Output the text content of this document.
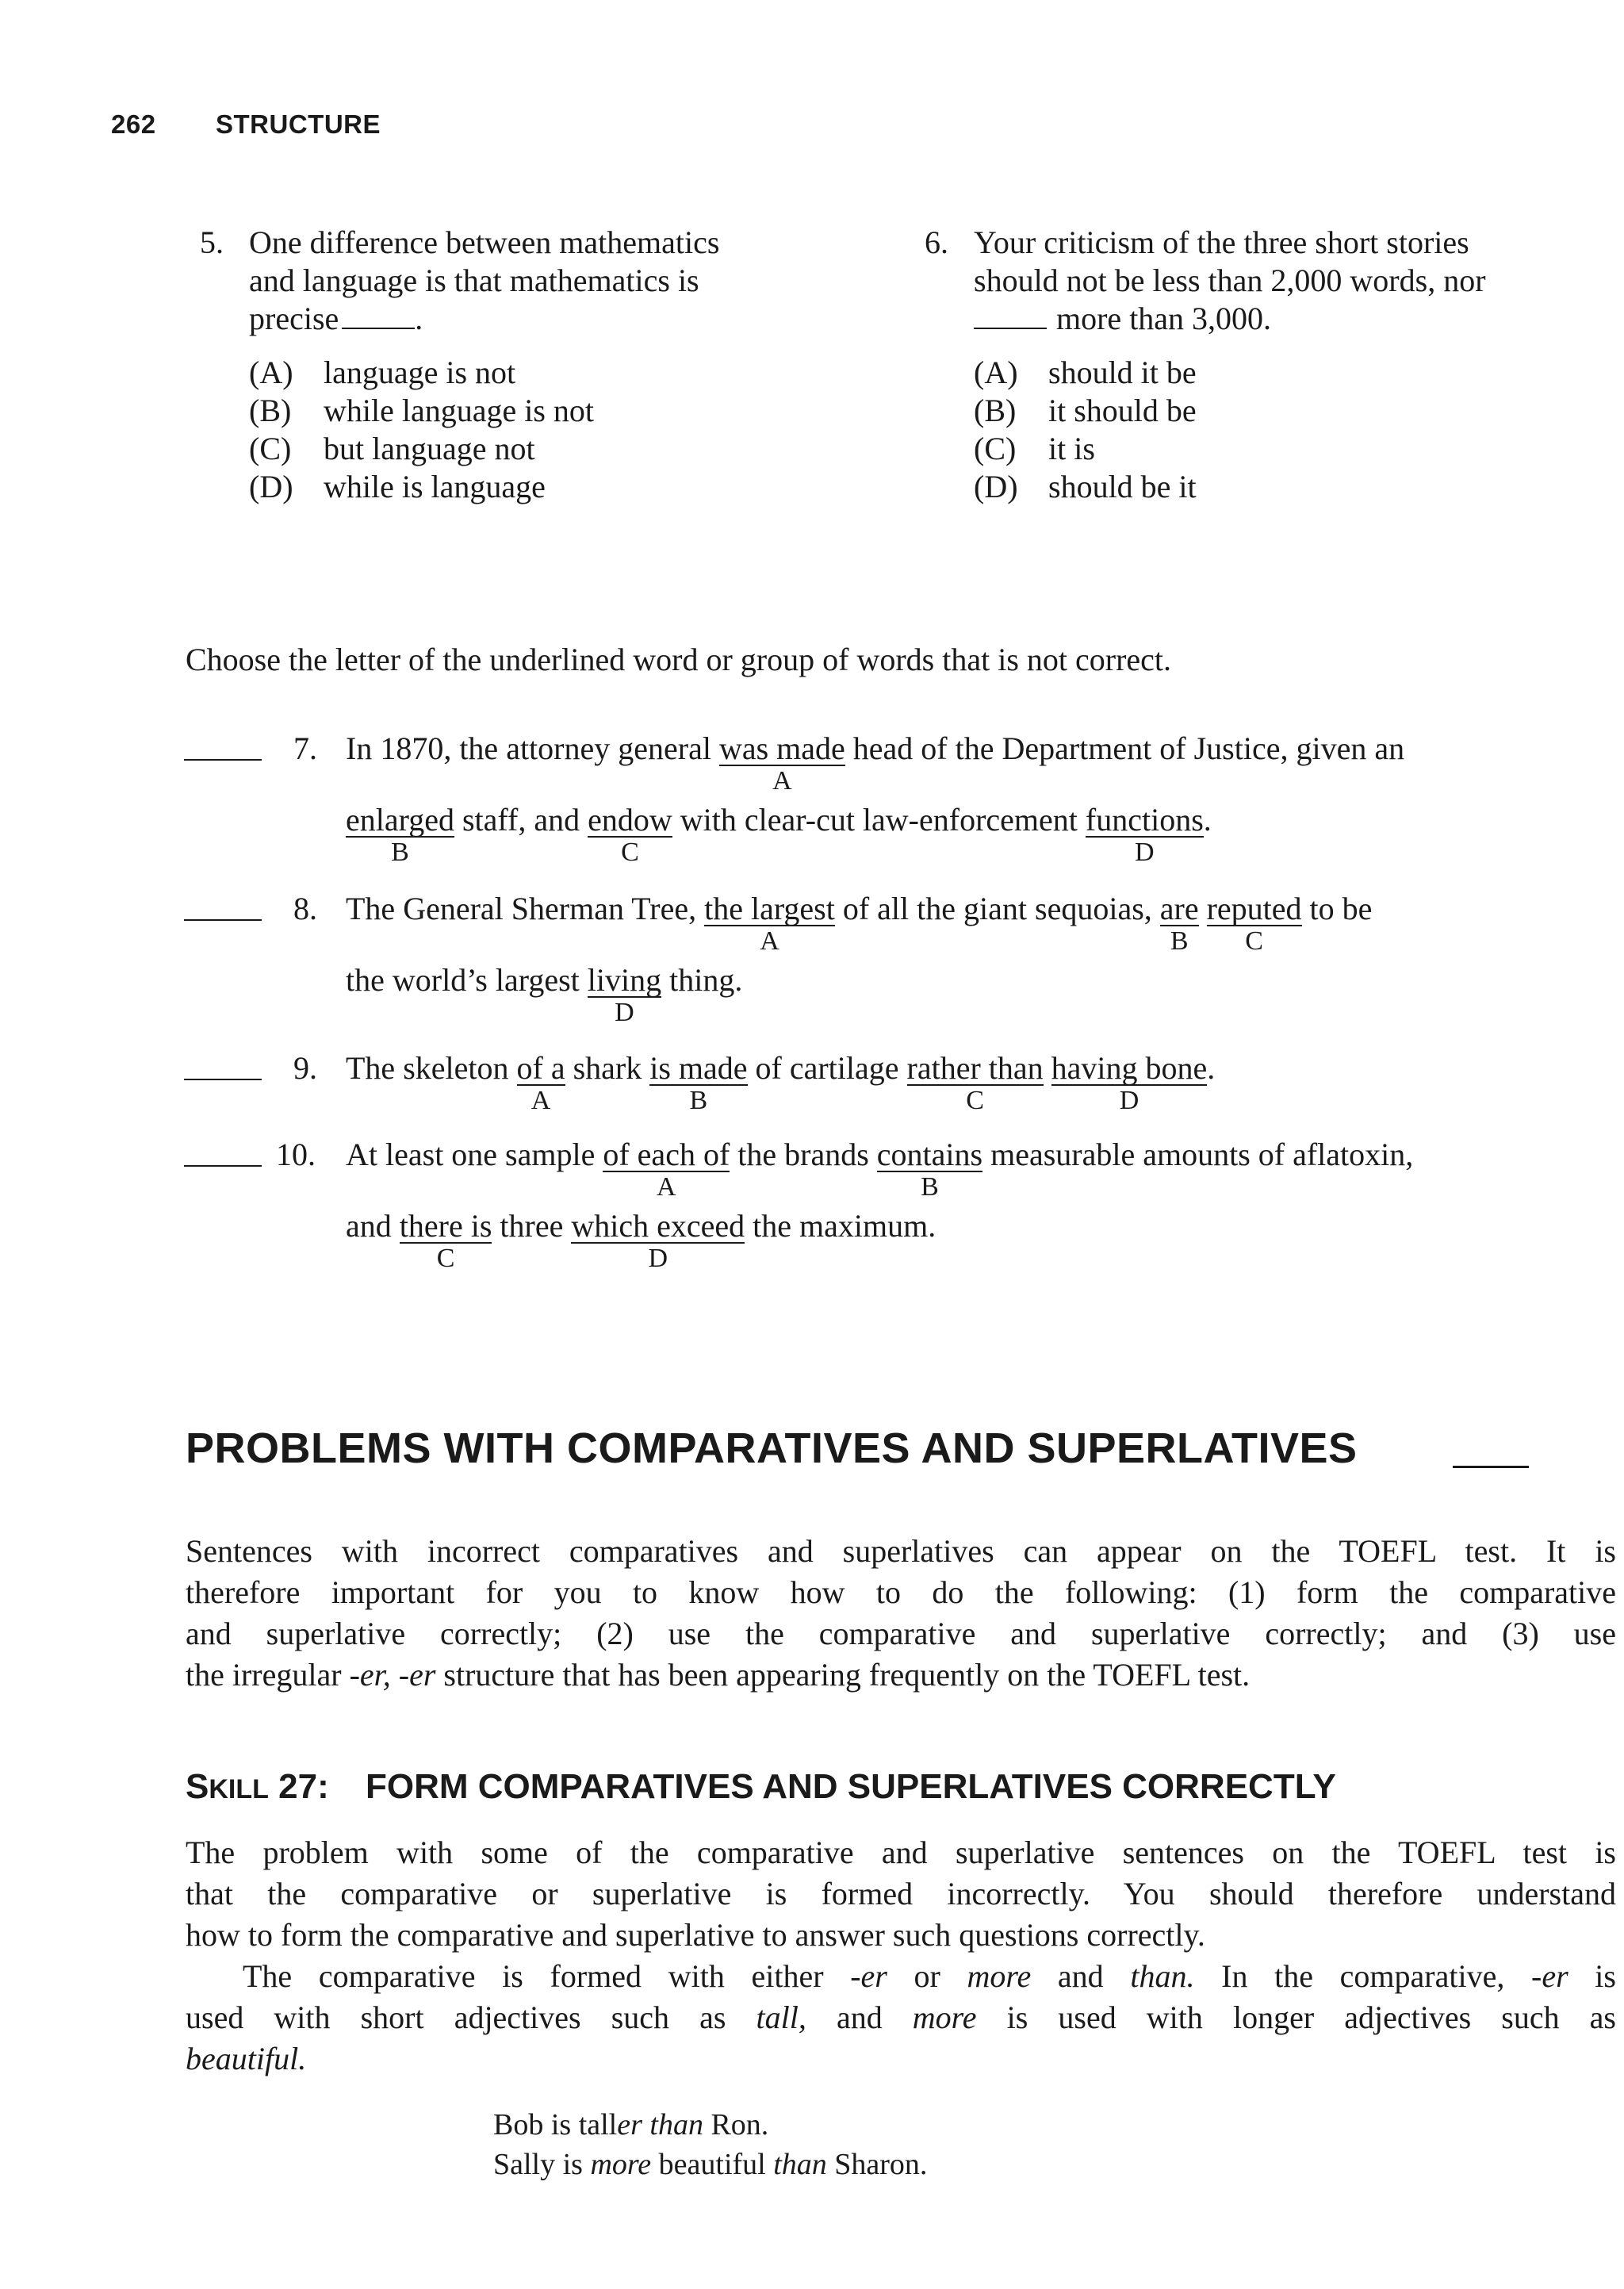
262 STRUCTURE
5. One difference between mathematics
and language is that mathematics is
precise .
(A) language is not
(B)	while language is not
(C)	but language not
(D) while is language
6. Your criticism of the three short stories
should not be less than 2,000 words, nor
more than 3,000.
(A) should it be
(B)	it should be
(C)	it is
(D) should be it
Choose the letter of the underlined word or group of words that is not correct.
7. In 1870, the attorney general was made
A
head of the Department of Justice, given an
enlarged
B
staff, and endow
C
with clear-cut law-enforcement functions
D
.
8. The General Sherman Tree, the largest
A
of all the giant sequoias, are
B
reputed
C
to be
the world’s largest living
D
thing.
9. The skeleton of a
A
shark is made
B
of cartilage rather than
C
having bone
D
.
10. At least one sample of each of
A
the brands contains
B
measurable amounts of aflatoxin,
and there is
C
three which exceed
D
the maximum.
PROBLEMS WITH COMPARATIVES AND SUPERLATIVES
Sentences with incorrect comparatives and superlatives can appear on the TOEFL test. It is
therefore important for you to know how to do the following: (1) form the comparative
and superlative correctly; (2) use the comparative and superlative correctly; and (3) use
the irregular -er, -er structure that has been appearing frequently on the TOEFL test.
SKILL 27: FORM COMPARATIVES AND SUPERLATIVES CORRECTLY
The problem with some of the comparative and superlative sentences on the TOEFL test is
that the comparative or superlative is formed incorrectly. You should therefore understand
how to form the comparative and superlative to answer such questions correctly.
The comparative is formed with either -er or more and than. In the comparative, -er is
used with short adjectives such as tall, and more is used with longer adjectives such as
beautiful.
Bob is taller than Ron.
Sally is more beautiful than Sharon.
